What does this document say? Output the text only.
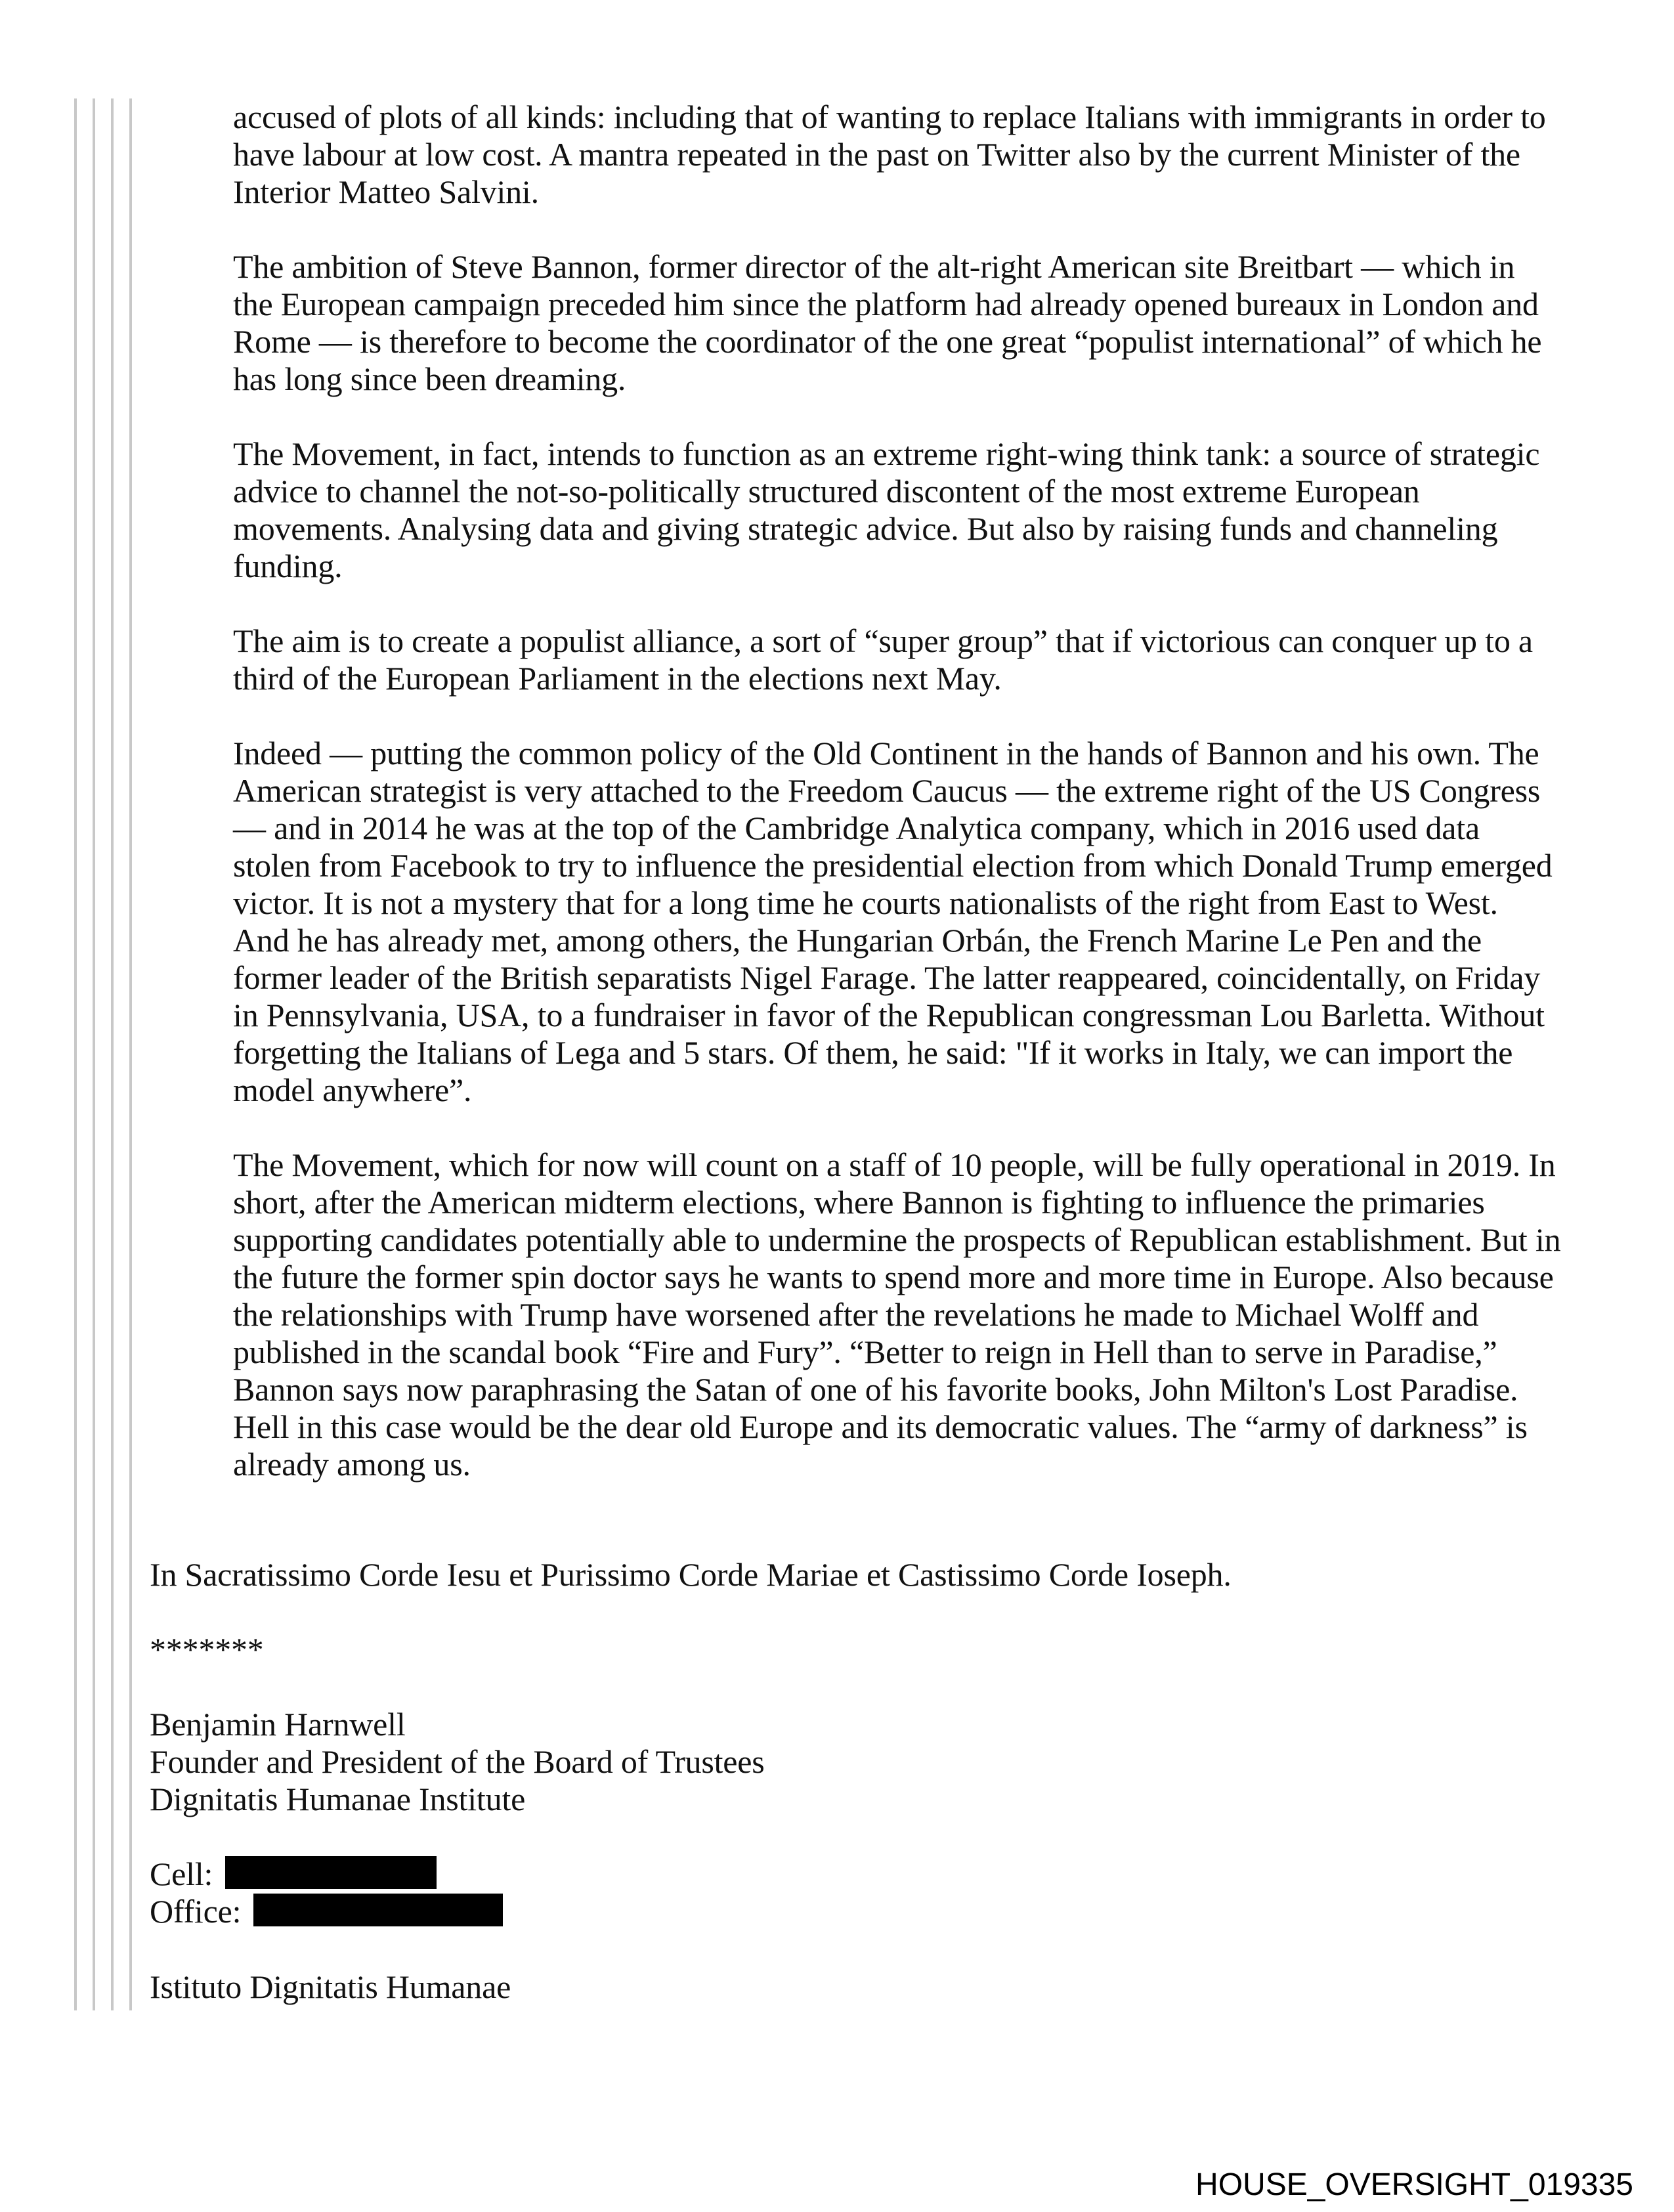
accused of plots of all kinds: including that of wanting to replace Italians with immigrants in order to
have labour at low cost. A mantra repeated in the past on Twitter also by the current Minister of the
Interior Matteo Salvini.
The ambition of Steve Bannon, former director of the alt-right American site Breitbart — which in
the European campaign preceded him since the platform had already opened bureaux in London and
Rome — is therefore to become the coordinator of the one great “populist international” of which he
has long since been dreaming.
The Movement, in fact, intends to function as an extreme right-wing think tank: a source of strategic
advice to channel the not-so-politically structured discontent of the most extreme European
movements. Analysing data and giving strategic advice. But also by raising funds and channeling
funding.
The aim is to create a populist alliance, a sort of “super group” that if victorious can conquer up to a
third of the European Parliament in the elections next May.
Indeed — putting the common policy of the Old Continent in the hands of Bannon and his own. The
American strategist is very attached to the Freedom Caucus — the extreme right of the US Congress
— and in 2014 he was at the top of the Cambridge Analytica company, which in 2016 used data
stolen from Facebook to try to influence the presidential election from which Donald Trump emerged
victor. It is not a mystery that for a long time he courts nationalists of the right from East to West.
And he has already met, among others, the Hungarian Orbán, the French Marine Le Pen and the
former leader of the British separatists Nigel Farage. The latter reappeared, coincidentally, on Friday
in Pennsylvania, USA, to a fundraiser in favor of the Republican congressman Lou Barletta. Without
forgetting the Italians of Lega and 5 stars. Of them, he said: "If it works in Italy, we can import the
model anywhere”.
The Movement, which for now will count on a staff of 10 people, will be fully operational in 2019. In
short, after the American midterm elections, where Bannon is fighting to influence the primaries
supporting candidates potentially able to undermine the prospects of Republican establishment. But in
the future the former spin doctor says he wants to spend more and more time in Europe. Also because
the relationships with Trump have worsened after the revelations he made to Michael Wolff and
published in the scandal book “Fire and Fury”. “Better to reign in Hell than to serve in Paradise,”
Bannon says now paraphrasing the Satan of one of his favorite books, John Milton's Lost Paradise.
Hell in this case would be the dear old Europe and its democratic values. The “army of darkness” is
already among us.
In Sacratissimo Corde Iesu et Purissimo Corde Mariae et Castissimo Corde Ioseph.
*******
Benjamin Harnwell
Founder and President of the Board of Trustees
Dignitatis Humanae Institute
Cell:
Office:
Istituto Dignitatis Humanae
HOUSE_OVERSIGHT_019335
